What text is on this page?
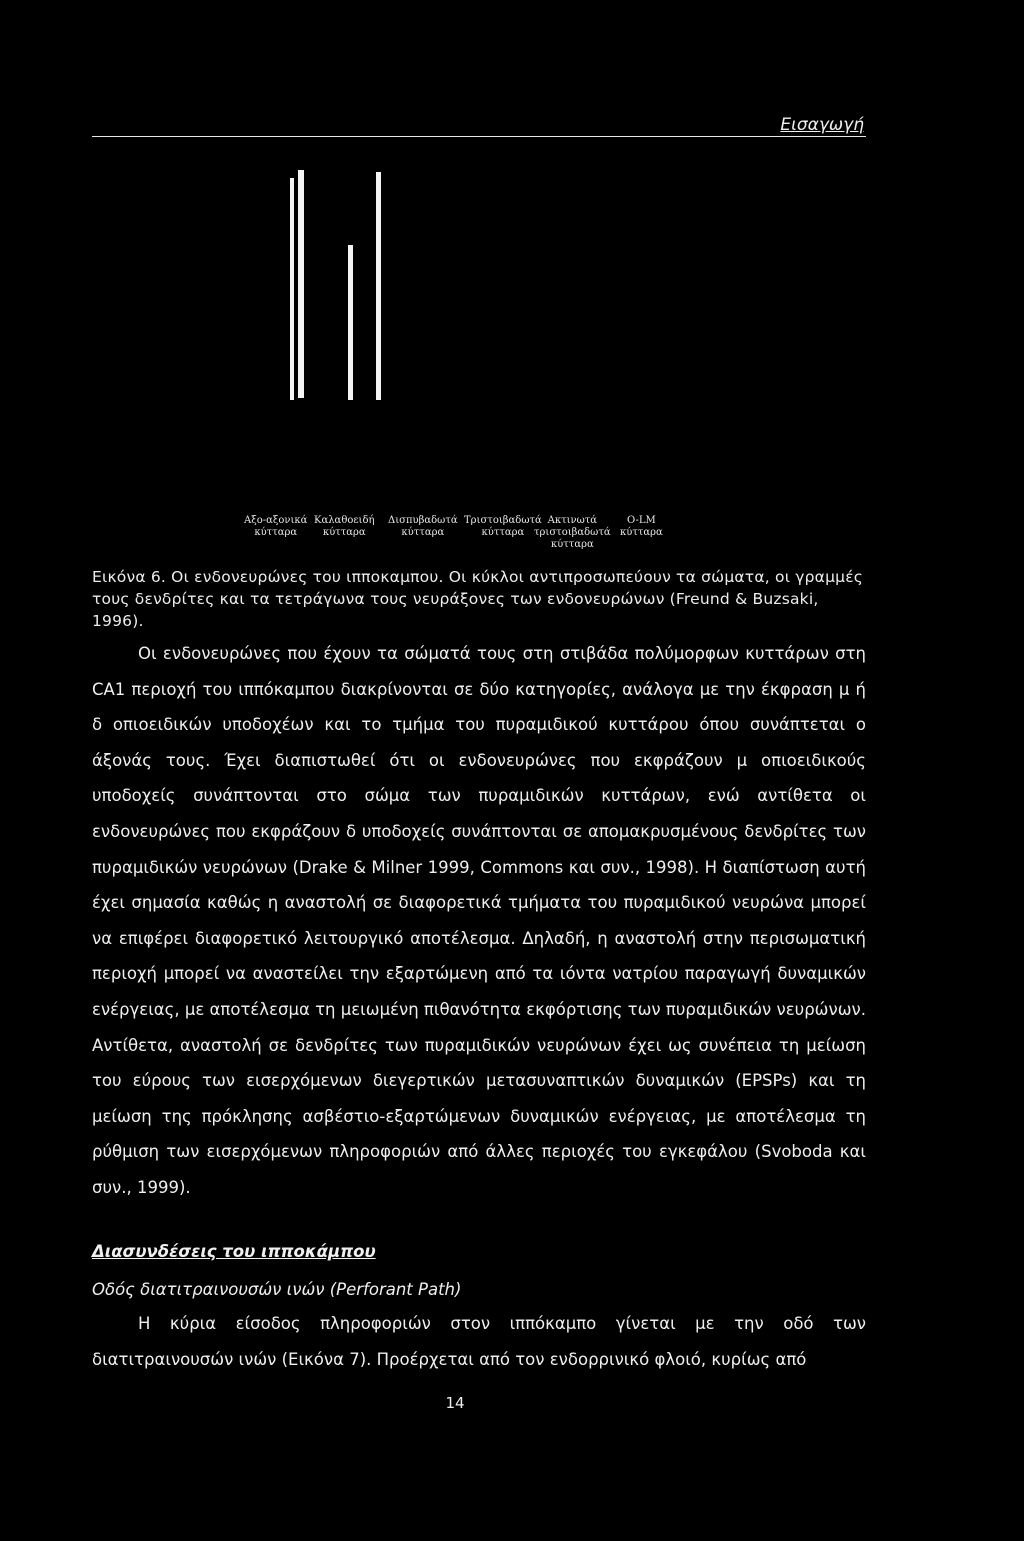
Εισαγωγή
Αξο-αξονικά
κύτταρα
Καλαθοειδή
κύτταρα
Δισπυβαδωτά
κύτταρα
Τριστοιβαδωτά
κύτταρα
Ακτινωτά
τριστοιβαδωτά
κύτταρα
O-LM
κύτταρα
Εικόνα 6. Οι ενδονευρώνες του ιπποκαμπου. Οι κύκλοι αντιπροσωπεύουν τα σώματα, οι γραμμές τους δενδρίτες και τα τετράγωνα τους νευράξονες των ενδονευρώνων (Freund & Buzsaki, 1996).

Οι ενδονευρώνες που έχουν τα σώματά τους στη στιβάδα πολύμορφων κυττάρων στη CA1 περιοχή του ιππόκαμπου διακρίνονται σε δύο κατηγορίες, ανάλογα με την έκφραση μ ή δ οπιοειδικών υποδοχέων και το τμήμα του πυραμιδικού κυττάρου όπου συνάπτεται ο άξονάς τους. Έχει διαπιστωθεί ότι οι ενδονευρώνες που εκφράζουν μ οπιοειδικούς υποδοχείς συνάπτονται στο σώμα των πυραμιδικών κυττάρων, ενώ αντίθετα οι ενδονευρώνες που εκφράζουν δ υποδοχείς συνάπτονται σε απομακρυσμένους δενδρίτες των πυραμιδικών νευρώνων (Drake & Milner 1999, Commons και συν., 1998). Η διαπίστωση αυτή έχει σημασία καθώς η αναστολή σε διαφορετικά τμήματα του πυραμιδικού νευρώνα μπορεί να επιφέρει διαφορετικό λειτουργικό αποτέλεσμα. Δηλαδή, η αναστολή στην περισωματική περιοχή μπορεί να αναστείλει την εξαρτώμενη από τα ιόντα νατρίου παραγωγή δυναμικών ενέργειας, με αποτέλεσμα τη μειωμένη πιθανότητα εκφόρτισης των πυραμιδικών νευρώνων. Αντίθετα, αναστολή σε δενδρίτες των πυραμιδικών νευρώνων έχει ως συνέπεια τη μείωση του εύρους των εισερχόμενων διεγερτικών μετασυναπτικών δυναμικών (EPSPs) και τη μείωση της πρόκλησης ασβέστιο-εξαρτώμενων δυναμικών ενέργειας, με αποτέλεσμα τη ρύθμιση των εισερχόμενων πληροφοριών από άλλες περιοχές του εγκεφάλου (Svoboda και συν., 1999).

Διασυνδέσεις του ιπποκάμπου
Οδός διατιτραινουσών ινών (Perforant Path)

Η κύρια είσοδος πληροφοριών στον ιππόκαμπο γίνεται με την οδό των διατιτραινουσών ινών (Εικόνα 7). Προέρχεται από τον ενδορρινικό φλοιό, κυρίως από

14
